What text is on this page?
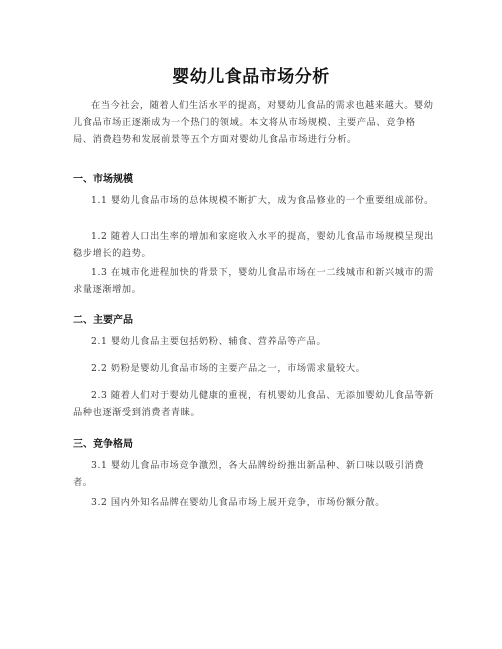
婴幼儿食品市场分析

在当今社会，随着人们生活水平的提高，对婴幼儿食品的需求也越来越大。婴幼儿食品市场正逐渐成为一个热门的领域。本文将从市场规模、主要产品、竞争格局、消费趋势和发展前景等五个方面对婴幼儿食品市场进行分析。

一、市场规模

1.1 婴幼儿食品市场的总体规模不断扩大，成为食品修业的一个重要组成部份。

1.2 随着人口出生率的增加和家庭收入水平的提高，婴幼儿食品市场规模呈现出稳步增长的趋势。

1.3 在城市化进程加快的背景下，婴幼儿食品市场在一二线城市和新兴城市的需求量逐渐增加。

二、主要产品

2.1 婴幼儿食品主要包括奶粉、辅食、营养品等产品。

2.2 奶粉是婴幼儿食品市场的主要产品之一，市场需求量较大。

2.3 随着人们对于婴幼儿健康的重视，有机婴幼儿食品、无添加婴幼儿食品等新品种也逐渐受到消费者青睐。

三、竞争格局

3.1 婴幼儿食品市场竞争激烈，各大品牌纷纷推出新品种、新口味以吸引消费者。

3.2 国内外知名品牌在婴幼儿食品市场上展开竞争，市场份额分散。
